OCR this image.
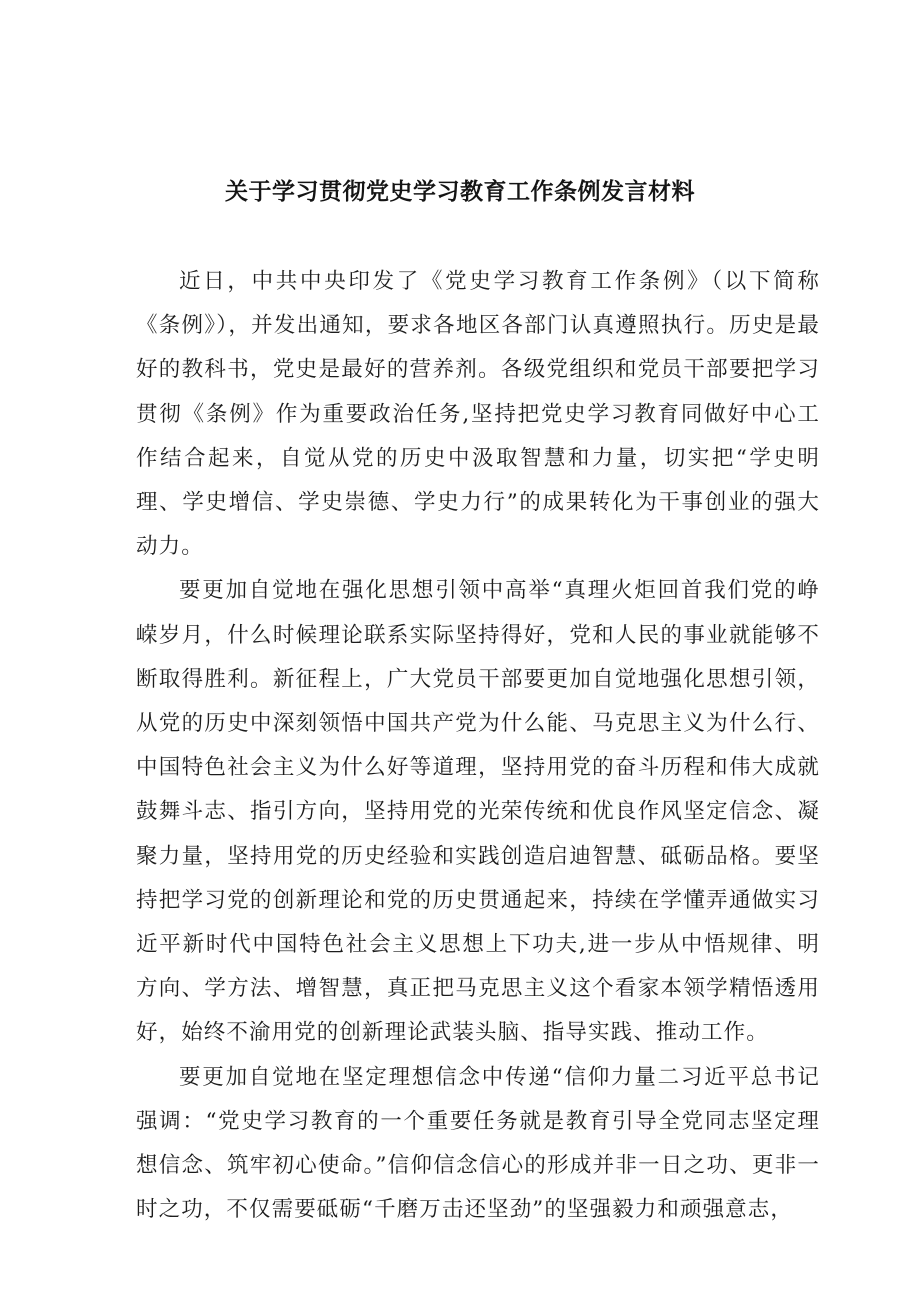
关于学习贯彻党史学习教育工作条例发言材料

近日，中共中央印发了《党史学习教育工作条例》（以下简称《条例》），并发出通知，要求各地区各部门认真遵照执行。历史是最好的教科书，党史是最好的营养剂。各级党组织和党员干部要把学习贯彻《条例》作为重要政治任务,坚持把党史学习教育同做好中心工作结合起来，自觉从党的历史中汲取智慧和力量，切实把“学史明理、学史增信、学史崇德、学史力行”的成果转化为干事创业的强大动力。

要更加自觉地在强化思想引领中高举“真理火炬回首我们党的峥嵘岁月，什么时候理论联系实际坚持得好，党和人民的事业就能够不断取得胜利。新征程上，广大党员干部要更加自觉地强化思想引领，从党的历史中深刻领悟中国共产党为什么能、马克思主义为什么行、中国特色社会主义为什么好等道理，坚持用党的奋斗历程和伟大成就鼓舞斗志、指引方向，坚持用党的光荣传统和优良作风坚定信念、凝聚力量，坚持用党的历史经验和实践创造启迪智慧、砥砺品格。要坚持把学习党的创新理论和党的历史贯通起来，持续在学懂弄通做实习近平新时代中国特色社会主义思想上下功夫,进一步从中悟规律、明方向、学方法、增智慧，真正把马克思主义这个看家本领学精悟透用好，始终不渝用党的创新理论武装头脑、指导实践、推动工作。

要更加自觉地在坚定理想信念中传递“信仰力量二习近平总书记强调：“党史学习教育的一个重要任务就是教育引导全党同志坚定理想信念、筑牢初心使命。”信仰信念信心的形成并非一日之功、更非一时之功，不仅需要砥砺“千磨万击还坚劲”的坚强毅力和顽强意志，
